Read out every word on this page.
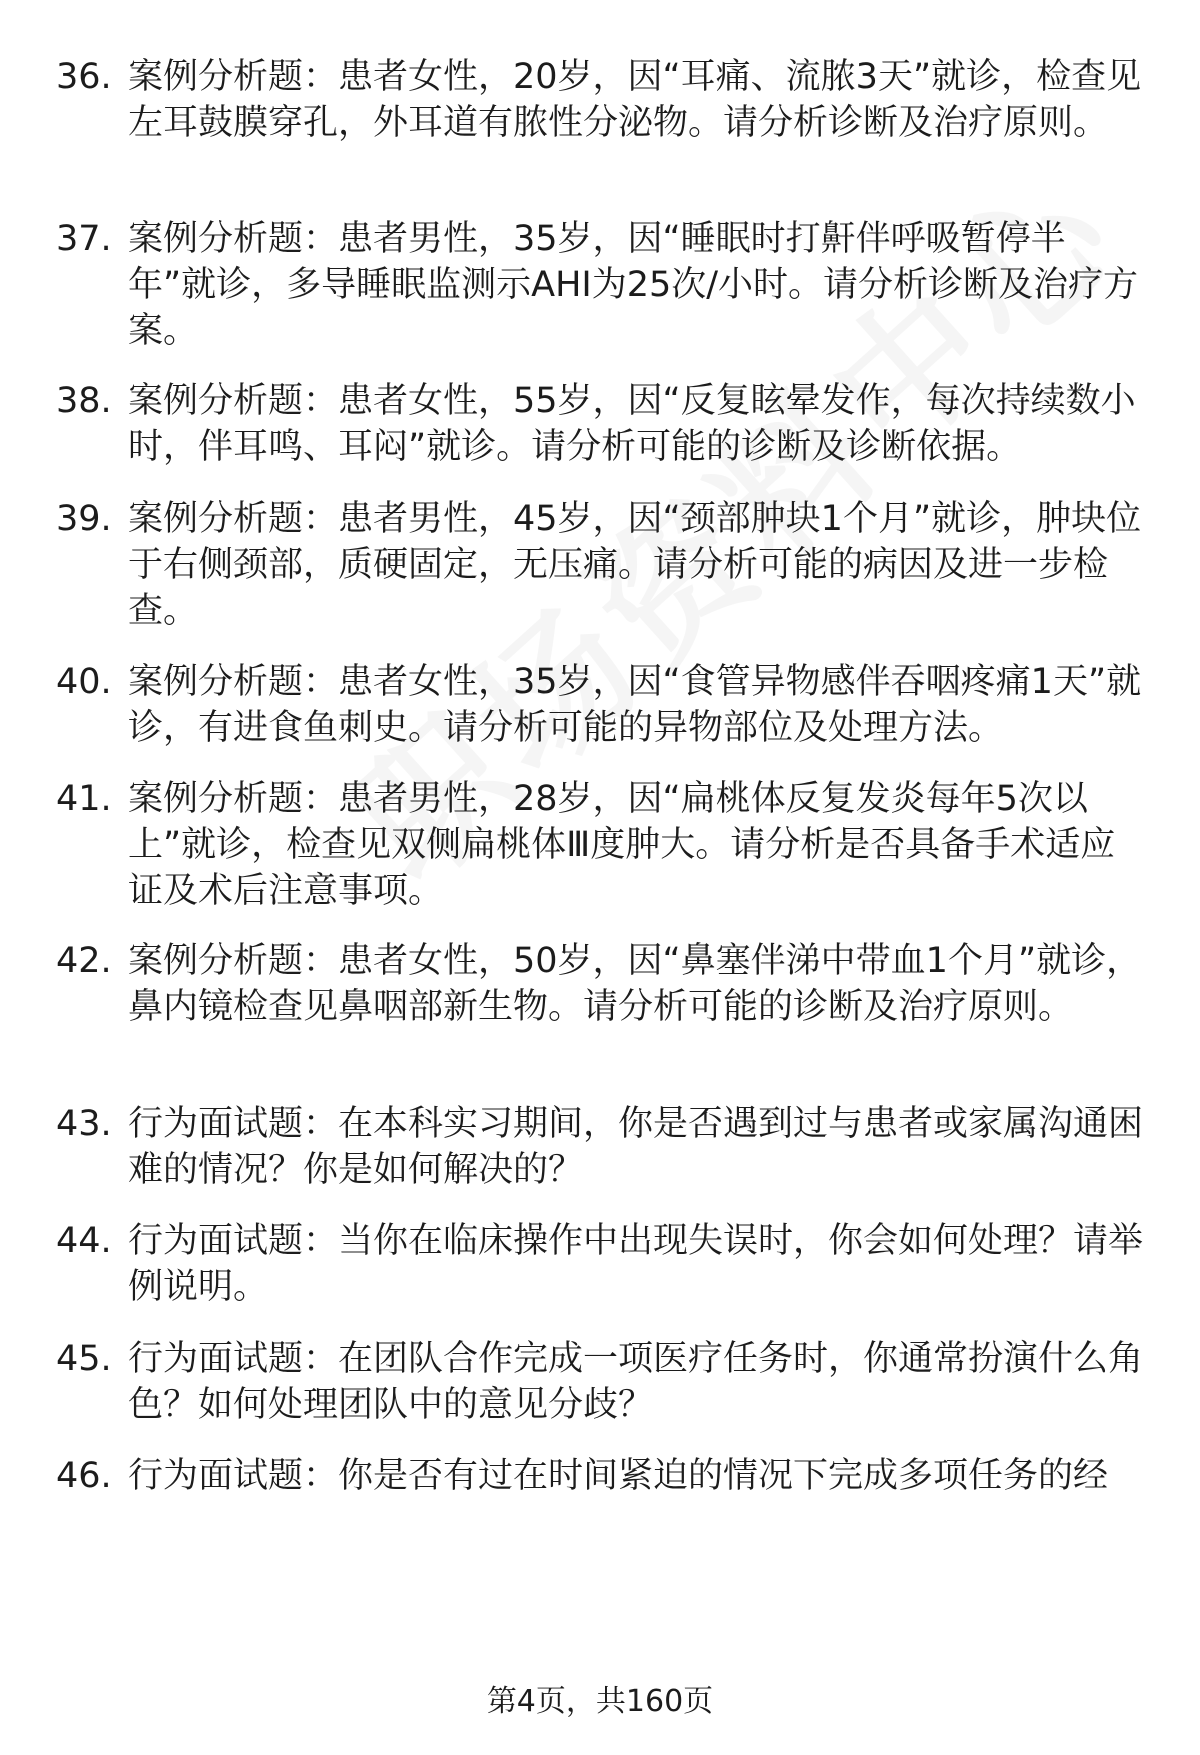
36. 案例分析题：患者女性，20岁，因“耳痛、流脓3天”就诊，检查见左耳鼓膜穿孔，外耳道有脓性分泌物。请分析诊断及治疗原则。
37. 案例分析题：患者男性，35岁，因“睡眠时打鼾伴呼吸暂停半年”就诊，多导睡眠监测示AHI为25次/小时。请分析诊断及治疗方案。
38. 案例分析题：患者女性，55岁，因“反复眩晕发作，每次持续数小时，伴耳鸣、耳闷”就诊。请分析可能的诊断及诊断依据。
39. 案例分析题：患者男性，45岁，因“颈部肿块1个月”就诊，肿块位于右侧颈部，质硬固定，无压痛。请分析可能的病因及进一步检查。
40. 案例分析题：患者女性，35岁，因“食管异物感伴吞咽疼痛1天”就诊，有进食鱼刺史。请分析可能的异物部位及处理方法。
41. 案例分析题：患者男性，28岁，因“扁桃体反复发炎每年5次以上”就诊，检查见双侧扁桃体Ⅲ度肿大。请分析是否具备手术适应证及术后注意事项。
42. 案例分析题：患者女性，50岁，因“鼻塞伴涕中带血1个月”就诊，鼻内镜检查见鼻咽部新生物。请分析可能的诊断及治疗原则。
43. 行为面试题：在本科实习期间，你是否遇到过与患者或家属沟通困难的情况？你是如何解决的？
44. 行为面试题：当你在临床操作中出现失误时，你会如何处理？请举例说明。
45. 行为面试题：在团队合作完成一项医疗任务时，你通常扮演什么角色？如何处理团队中的意见分歧？
46. 行为面试题：你是否有过在时间紧迫的情况下完成多项任务的经
第4页，共160页
